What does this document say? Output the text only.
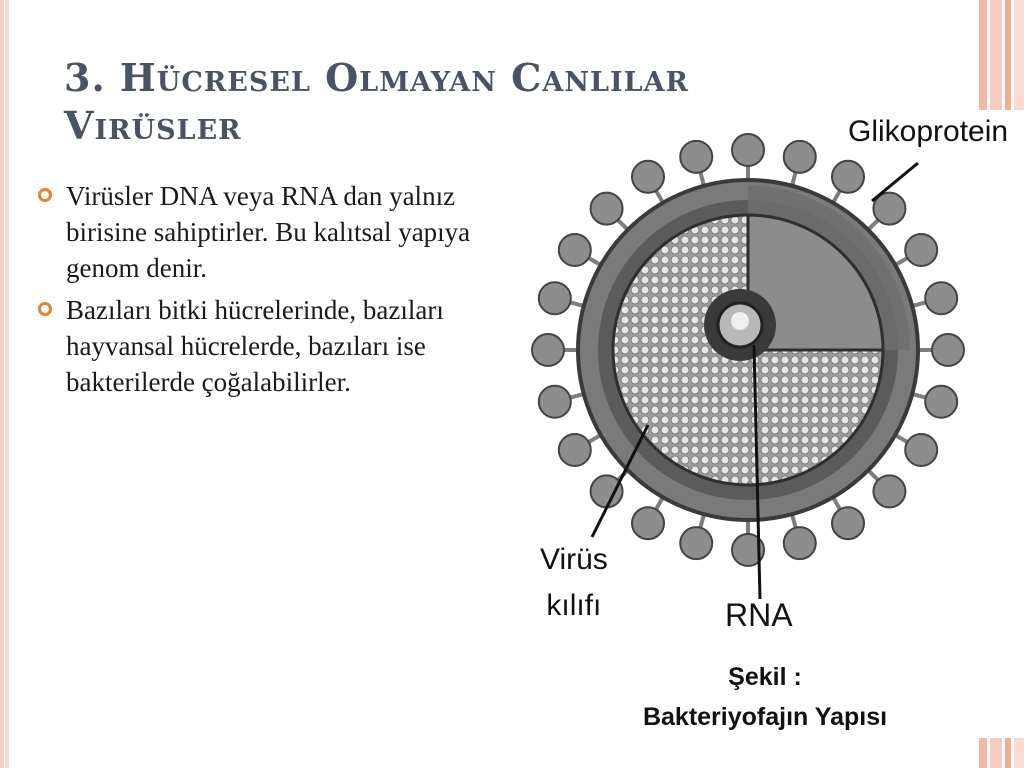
3. Hücresel Olmayan Canlılar
Virüsler
Virüsler DNA veya RNA dan yalnız birisine sahiptirler. Bu kalıtsal yapıya genom denir.
Bazıları bitki hücrelerinde, bazıları hayvansal hücrelerde, bazıları ise bakterilerde çoğalabilirler.
Glikoprotein
Virüs
kılıfı	RNA
Şekil :
Bakteriyofajın Yapısı
